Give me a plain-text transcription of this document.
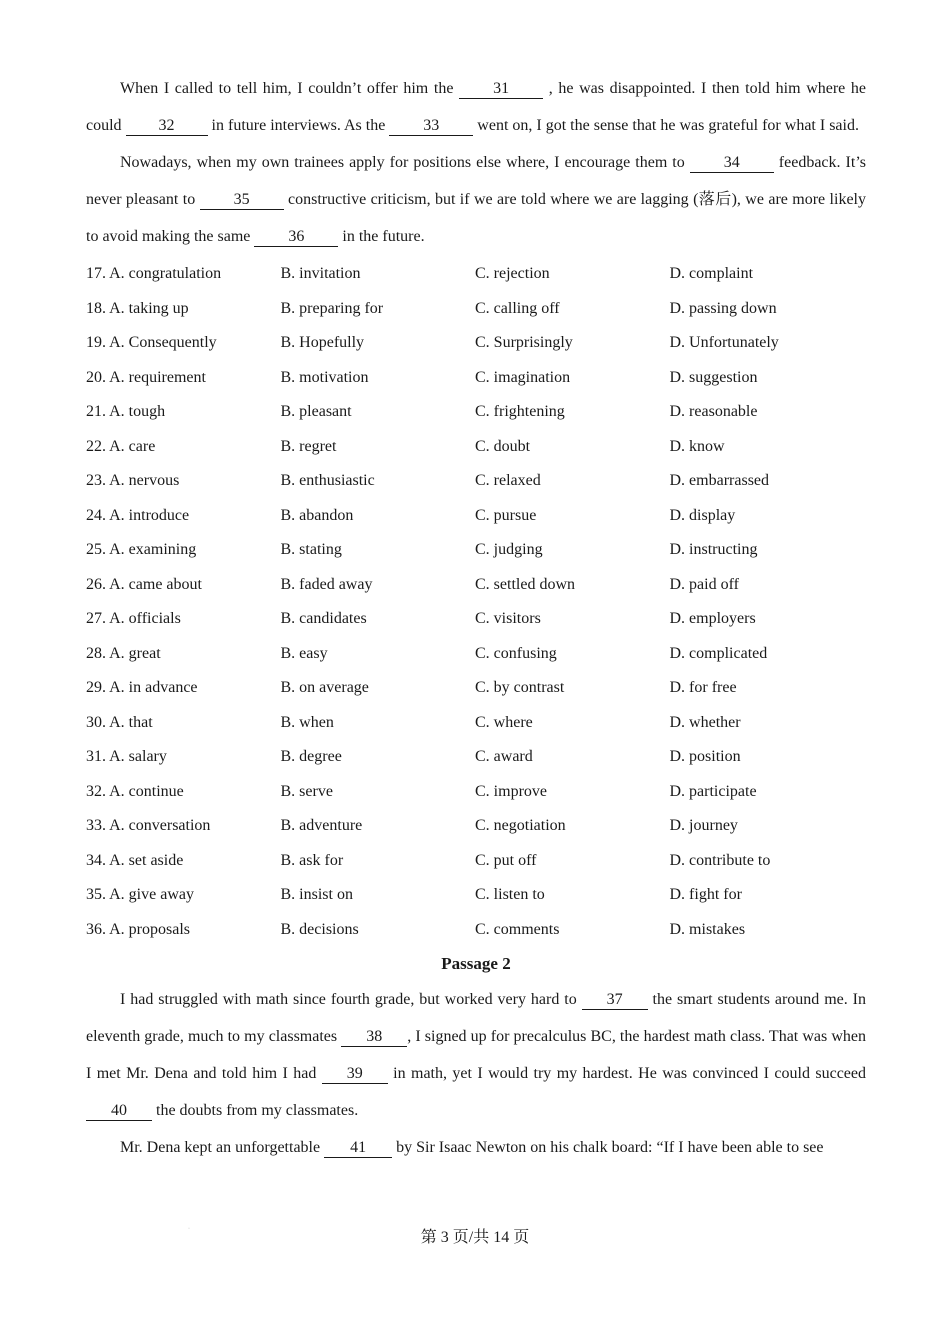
When I called to tell him, I couldn’t offer him the 31 , he was disappointed. I then told him where he could 32 in future interviews. As the 33 went on, I got the sense that he was grateful for what I said.

Nowadays, when my own trainees apply for positions else where, I encourage them to 34 feedback. It’s never pleasant to 35 constructive criticism, but if we are told where we are lagging (落后), we are more likely to avoid making the same 36 in the future.

17. A. congratulation	B. invitation	C. rejection	D. complaint
18. A. taking up	B. preparing for	C. calling off	D. passing down
19. A. Consequently	B. Hopefully	C. Surprisingly	D. Unfortunately
20. A. requirement	B. motivation	C. imagination	D. suggestion
21. A. tough	B. pleasant	C. frightening	D. reasonable
22. A. care	B. regret	C. doubt	D. know
23. A. nervous	B. enthusiastic	C. relaxed	D. embarrassed
24. A. introduce	B. abandon	C. pursue	D. display
25. A. examining	B. stating	C. judging	D. instructing
26. A. came about	B. faded away	C. settled down	D. paid off
27. A. officials	B. candidates	C. visitors	D. employers
28. A. great	B. easy	C. confusing	D. complicated
29. A. in advance	B. on average	C. by contrast	D. for free
30. A. that	B. when	C. where	D. whether
31. A. salary	B. degree	C. award	D. position
32. A. continue	B. serve	C. improve	D. participate
33. A. conversation	B. adventure	C. negotiation	D. journey
34. A. set aside	B. ask for	C. put off	D. contribute to
35. A. give away	B. insist on	C. listen to	D. fight for
36. A. proposals	B. decisions	C. comments	D. mistakes
Passage 2

I had struggled with math since fourth grade, but worked very hard to 37 the smart students around me. In eleventh grade, much to my classmates 38 , I signed up for precalculus BC, the hardest math class. That was when I met Mr. Dena and told him I had 39 in math, yet I would try my hardest. He was convinced I could succeed 40 the doubts from my classmates.

Mr. Dena kept an unforgettable 41 by Sir Isaac Newton on his chalk board: “If I have been able to see

·	第 3 页/共 14 页
